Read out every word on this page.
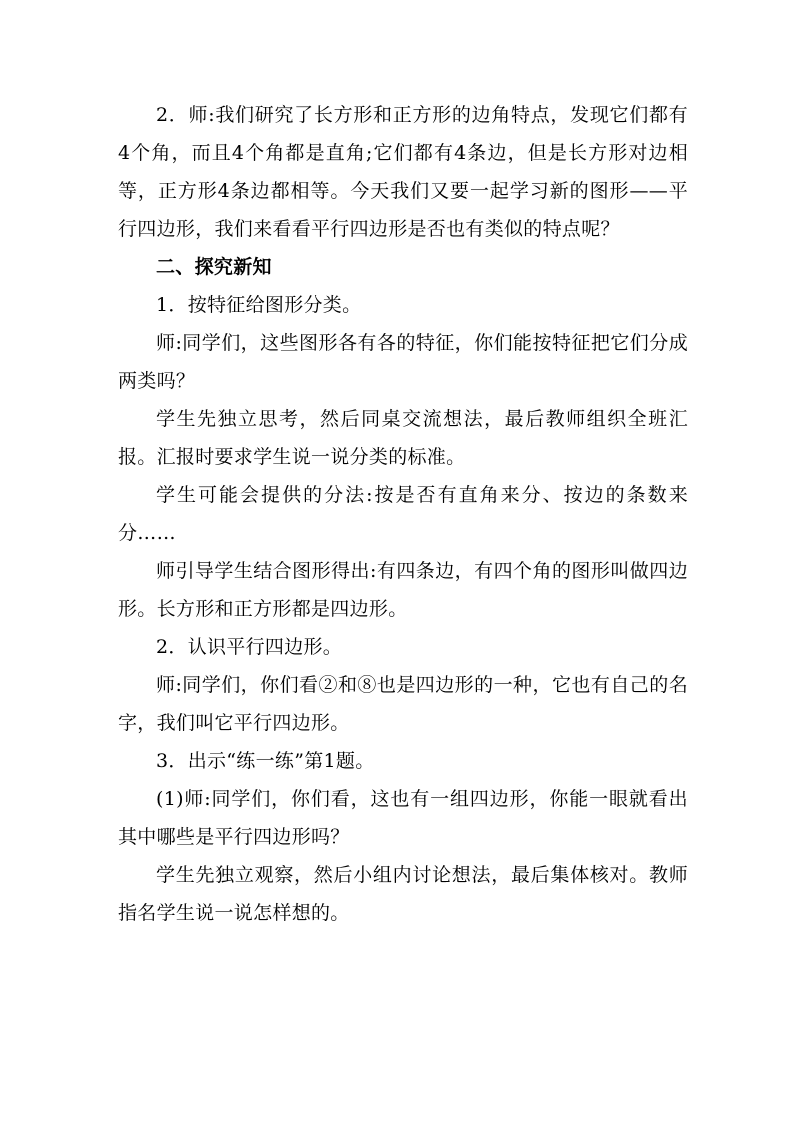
2．师:我们研究了长方形和正方形的边角特点，发现它们都有4个角，而且4个角都是直角;它们都有4条边，但是长方形对边相等，正方形4条边都相等。今天我们又要一起学习新的图形——平行四边形，我们来看看平行四边形是否也有类似的特点呢？

二、探究新知

1．按特征给图形分类。

师:同学们，这些图形各有各的特征，你们能按特征把它们分成两类吗？

学生先独立思考，然后同桌交流想法，最后教师组织全班汇报。汇报时要求学生说一说分类的标准。

学生可能会提供的分法:按是否有直角来分、按边的条数来分……

师引导学生结合图形得出:有四条边，有四个角的图形叫做四边形。长方形和正方形都是四边形。

2．认识平行四边形。

师:同学们，你们看②和⑧也是四边形的一种，它也有自己的名字，我们叫它平行四边形。

3．出示“练一练”第1题。

(1)师:同学们，你们看，这也有一组四边形，你能一眼就看出其中哪些是平行四边形吗？

学生先独立观察，然后小组内讨论想法，最后集体核对。教师指名学生说一说怎样想的。
